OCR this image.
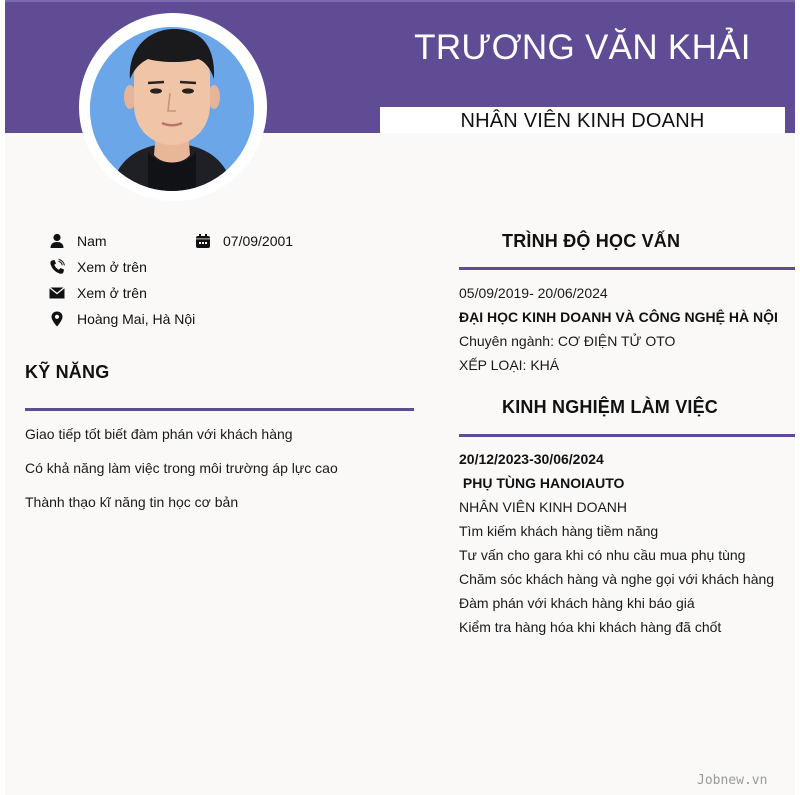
TRƯƠNG VĂN KHẢI
NHÂN VIÊN KINH DOANH
Nam	07/09/2001
Xem ở trên
Xem ở trên
Hoàng Mai, Hà Nội
KỸ NĂNG
Giao tiếp tốt biết đàm phán với khách hàng
Có khả năng làm việc trong môi trường áp lực cao
Thành thạo kĩ năng tin học cơ bản
TRÌNH ĐỘ HỌC VẤN
05/09/2019- 20/06/2024
ĐẠI HỌC KINH DOANH VÀ CÔNG NGHỆ HÀ NỘI
Chuyên ngành: CƠ ĐIỆN TỬ OTO
XẾP LOẠI: KHÁ
KINH NGHIỆM LÀM VIỆC
20/12/2023-30/06/2024
PHỤ TÙNG HANOIAUTO
NHÂN VIÊN KINH DOANH
Tìm kiếm khách hàng tiềm năng
Tư vấn cho gara khi có nhu cầu mua phụ tùng
Chăm sóc khách hàng và nghe gọi với khách hàng
Đàm phán với khách hàng khi báo giá
Kiểm tra hàng hóa khi khách hàng đã chốt
Jobnew.vn
